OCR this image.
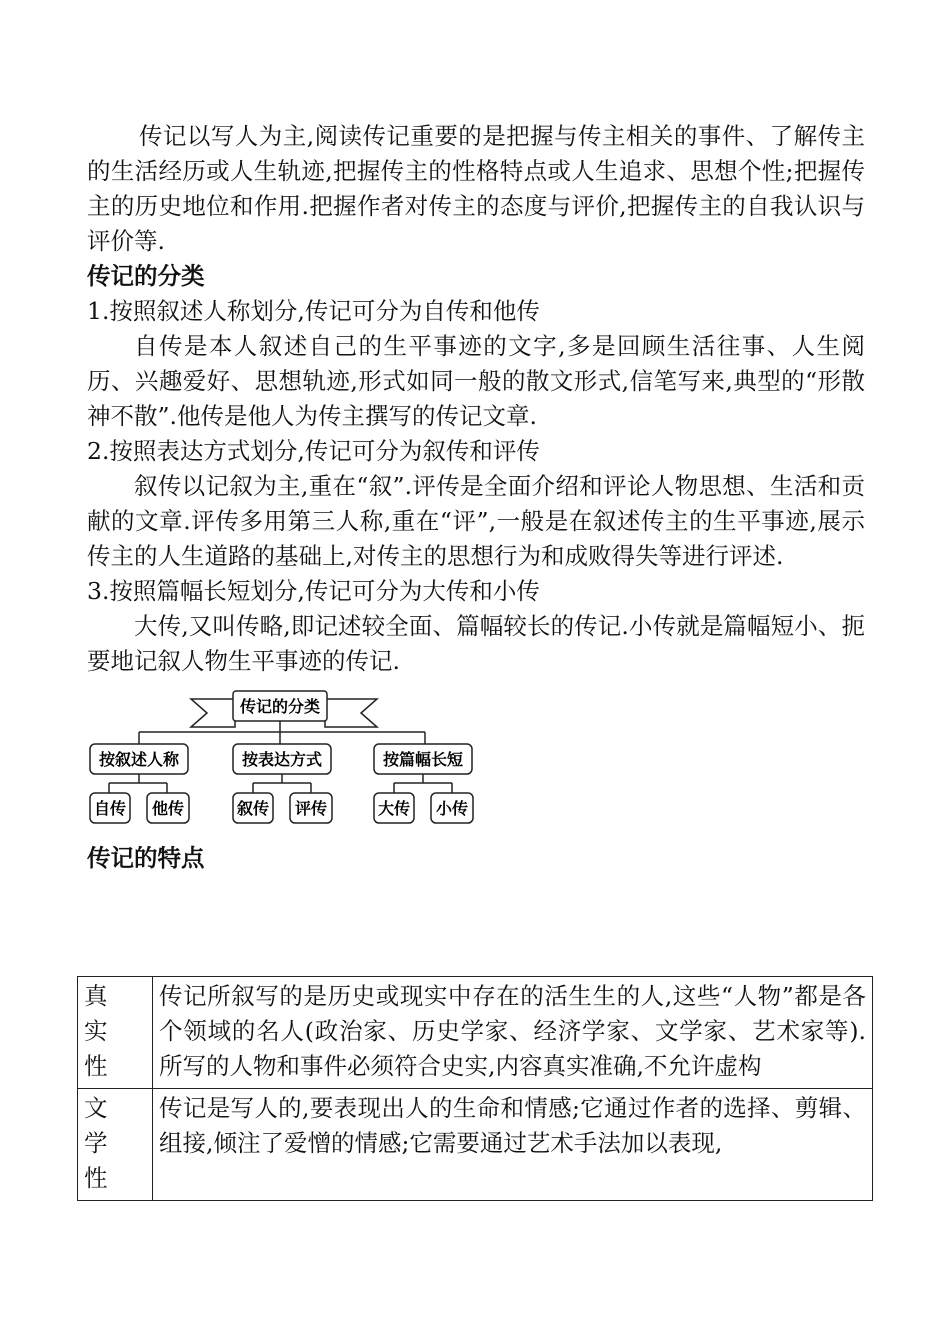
传记以写人为主,阅读传记重要的是把握与传主相关的事件、了解传主的生活经历或人生轨迹,把握传主的性格特点或人生追求、思想个性;把握传主的历史地位和作用.把握作者对传主的态度与评价,把握传主的自我认识与评价等.

传记的分类

1.按照叙述人称划分,传记可分为自传和他传

自传是本人叙述自己的生平事迹的文字,多是回顾生活往事、人生阅历、兴趣爱好、思想轨迹,形式如同一般的散文形式,信笔写来,典型的“形散神不散”.他传是他人为传主撰写的传记文章.

2.按照表达方式划分,传记可分为叙传和评传

叙传以记叙为主,重在“叙”.评传是全面介绍和评论人物思想、生活和贡献的文章.评传多用第三人称,重在“评”,一般是在叙述传主的生平事迹,展示传主的人生道路的基础上,对传主的思想行为和成败得失等进行评述.

3.按照篇幅长短划分,传记可分为大传和小传

大传,又叫传略,即记述较全面、篇幅较长的传记.小传就是篇幅短小、扼要地记叙人物生平事迹的传记.

传记的分类
按叙述人称	按表达方式	按篇幅长短
自传 他传	叙传 评传	大传 小传
传记的特点
真实性	传记所叙写的是历史或现实中存在的活生生的人,这些“人物”都是各个领域的名人(政治家、历史学家、经济学家、文学家、艺术家等).所写的人物和事件必须符合史实,内容真实准确,不允许虚构
文学性	传记是写人的,要表现出人的生命和情感;它通过作者的选择、剪辑、组接,倾注了爱憎的情感;它需要通过艺术手法加以表现,
